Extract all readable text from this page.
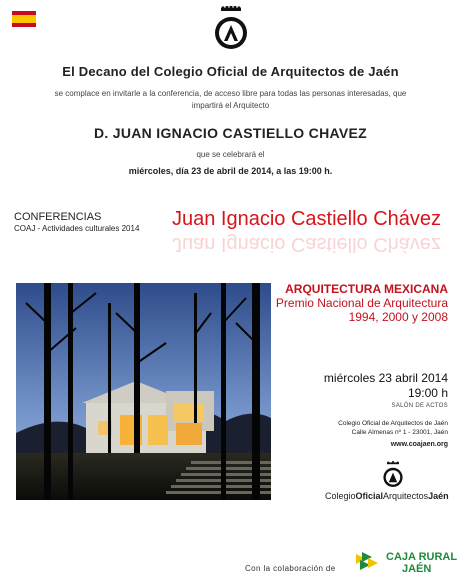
El Decano del Colegio Oficial de Arquitectos de Jaén
se complace en invitarle a la conferencia, de acceso libre para todas las personas interesadas, que
impartirá el Arquitecto
D. JUAN IGNACIO CASTIELLO CHAVEZ
que se celebrará el
miércoles, día 23 de abril de 2014, a las 19:00 h.
CONFERENCIAS
COAJ - Actividades culturales 2014 Juan Ignacio Castiello Chávez
Juan Ignacio Castiello Chávez
ARQUITECTURA MEXICANA
Premio Nacional de Arquitectura
1994, 2000 y 2008
miércoles 23 abril 2014
19:00 h
SALÓN DE ACTOS
Colegio Oficial de Arquitectos de Jaén
Calle Almenas nº 1 - 23001, Jaén
www.coajaen.org
ColegioOficialArquitectosJaén
Con la colaboración de
CAJA RURAL
JAÉN
